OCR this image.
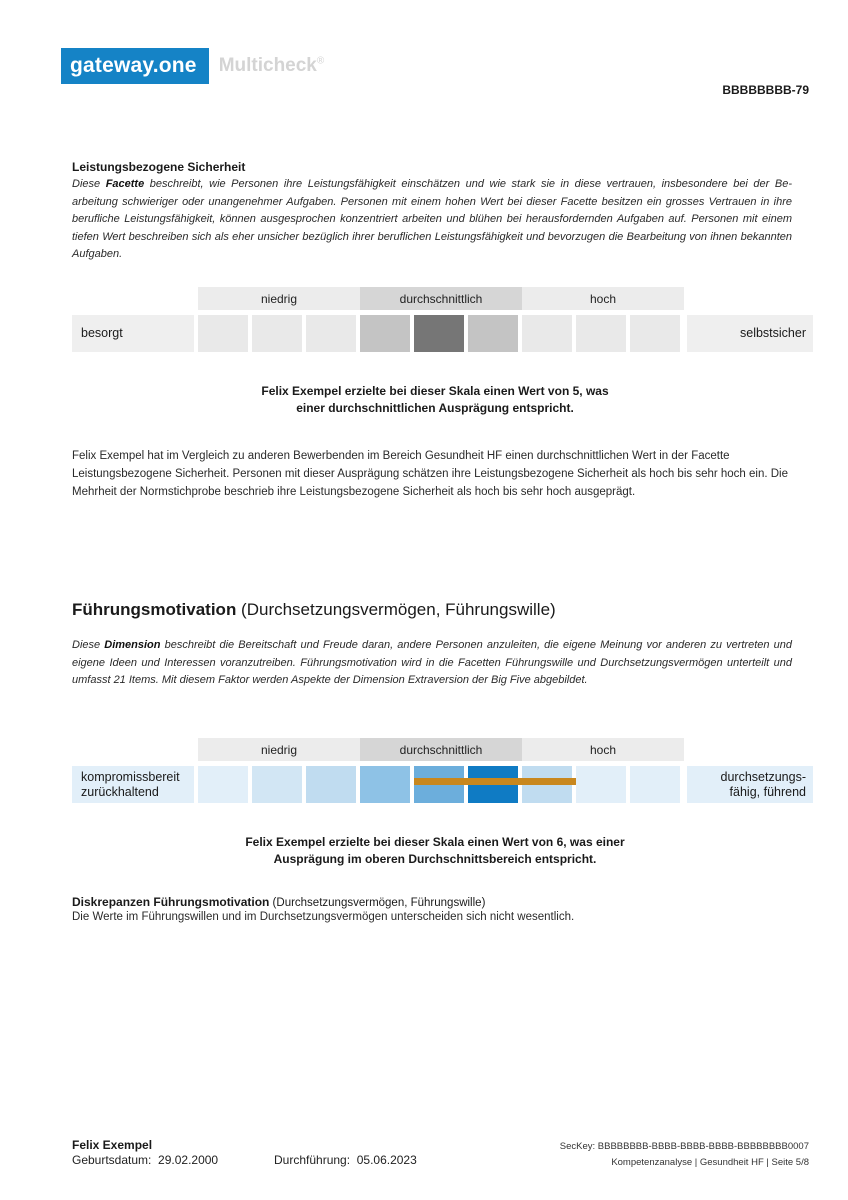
gateway.one	Multicheck®
BBBBBBBB-79
Leistungsbezogene Sicherheit
Diese Facette beschreibt, wie Personen ihre Leistungsfähigkeit einschätzen und wie stark sie in diese vertrauen, insbesondere bei der Be-arbeitung schwieriger oder unangenehmer Aufgaben. Personen mit einem hohen Wert bei dieser Facette besitzen ein grosses Vertrauen in ihre berufliche Leistungsfähigkeit, können ausgesprochen konzentriert arbeiten und blühen bei herausfordernden Aufgaben auf. Personen mit einem tiefen Wert beschreiben sich als eher unsicher bezüglich ihrer beruflichen Leistungsfähigkeit und bevorzugen die Bearbeitung von ihnen bekannten Aufgaben.
niedrig	durchschnittlich	hoch
besorgt	selbstsicher
Felix Exempel erzielte bei dieser Skala einen Wert von 5, was
einer durchschnittlichen Ausprägung entspricht.
Felix Exempel hat im Vergleich zu anderen Bewerbenden im Bereich Gesundheit HF einen durchschnittlichen Wert in der Facette Leistungsbezogene Sicherheit. Personen mit dieser Ausprägung schätzen ihre Leistungsbezogene Sicherheit als hoch bis sehr hoch ein. Die Mehrheit der Normstichprobe beschrieb ihre Leistungsbezogene Sicherheit als hoch bis sehr hoch ausgeprägt.
Führungsmotivation (Durchsetzungsvermögen, Führungswille)
Diese Dimension beschreibt die Bereitschaft und Freude daran, andere Personen anzuleiten, die eigene Meinung vor anderen zu vertreten und eigene Ideen und Interessen voranzutreiben. Führungsmotivation wird in die Facetten Führungswille und Durchsetzungsvermögen unterteilt und umfasst 21 Items. Mit diesem Faktor werden Aspekte der Dimension Extraversion der Big Five abgebildet.
niedrig	durchschnittlich	hoch
kompromissbereit
zurückhaltend
durchsetzungs-
fähig, führend
Felix Exempel erzielte bei dieser Skala einen Wert von 6, was einer
Ausprägung im oberen Durchschnittsbereich entspricht.
Diskrepanzen Führungsmotivation (Durchsetzungsvermögen, Führungswille)
Die Werte im Führungswillen und im Durchsetzungsvermögen unterscheiden sich nicht wesentlich.
Felix Exempel
Geburtsdatum: 29.02.2000	Durchführung: 05.06.2023
SecKey: BBBBBBBB-BBBB-BBBB-BBBB-BBBBBBBB0007
Kompetenzanalyse | Gesundheit HF | Seite 5/8
